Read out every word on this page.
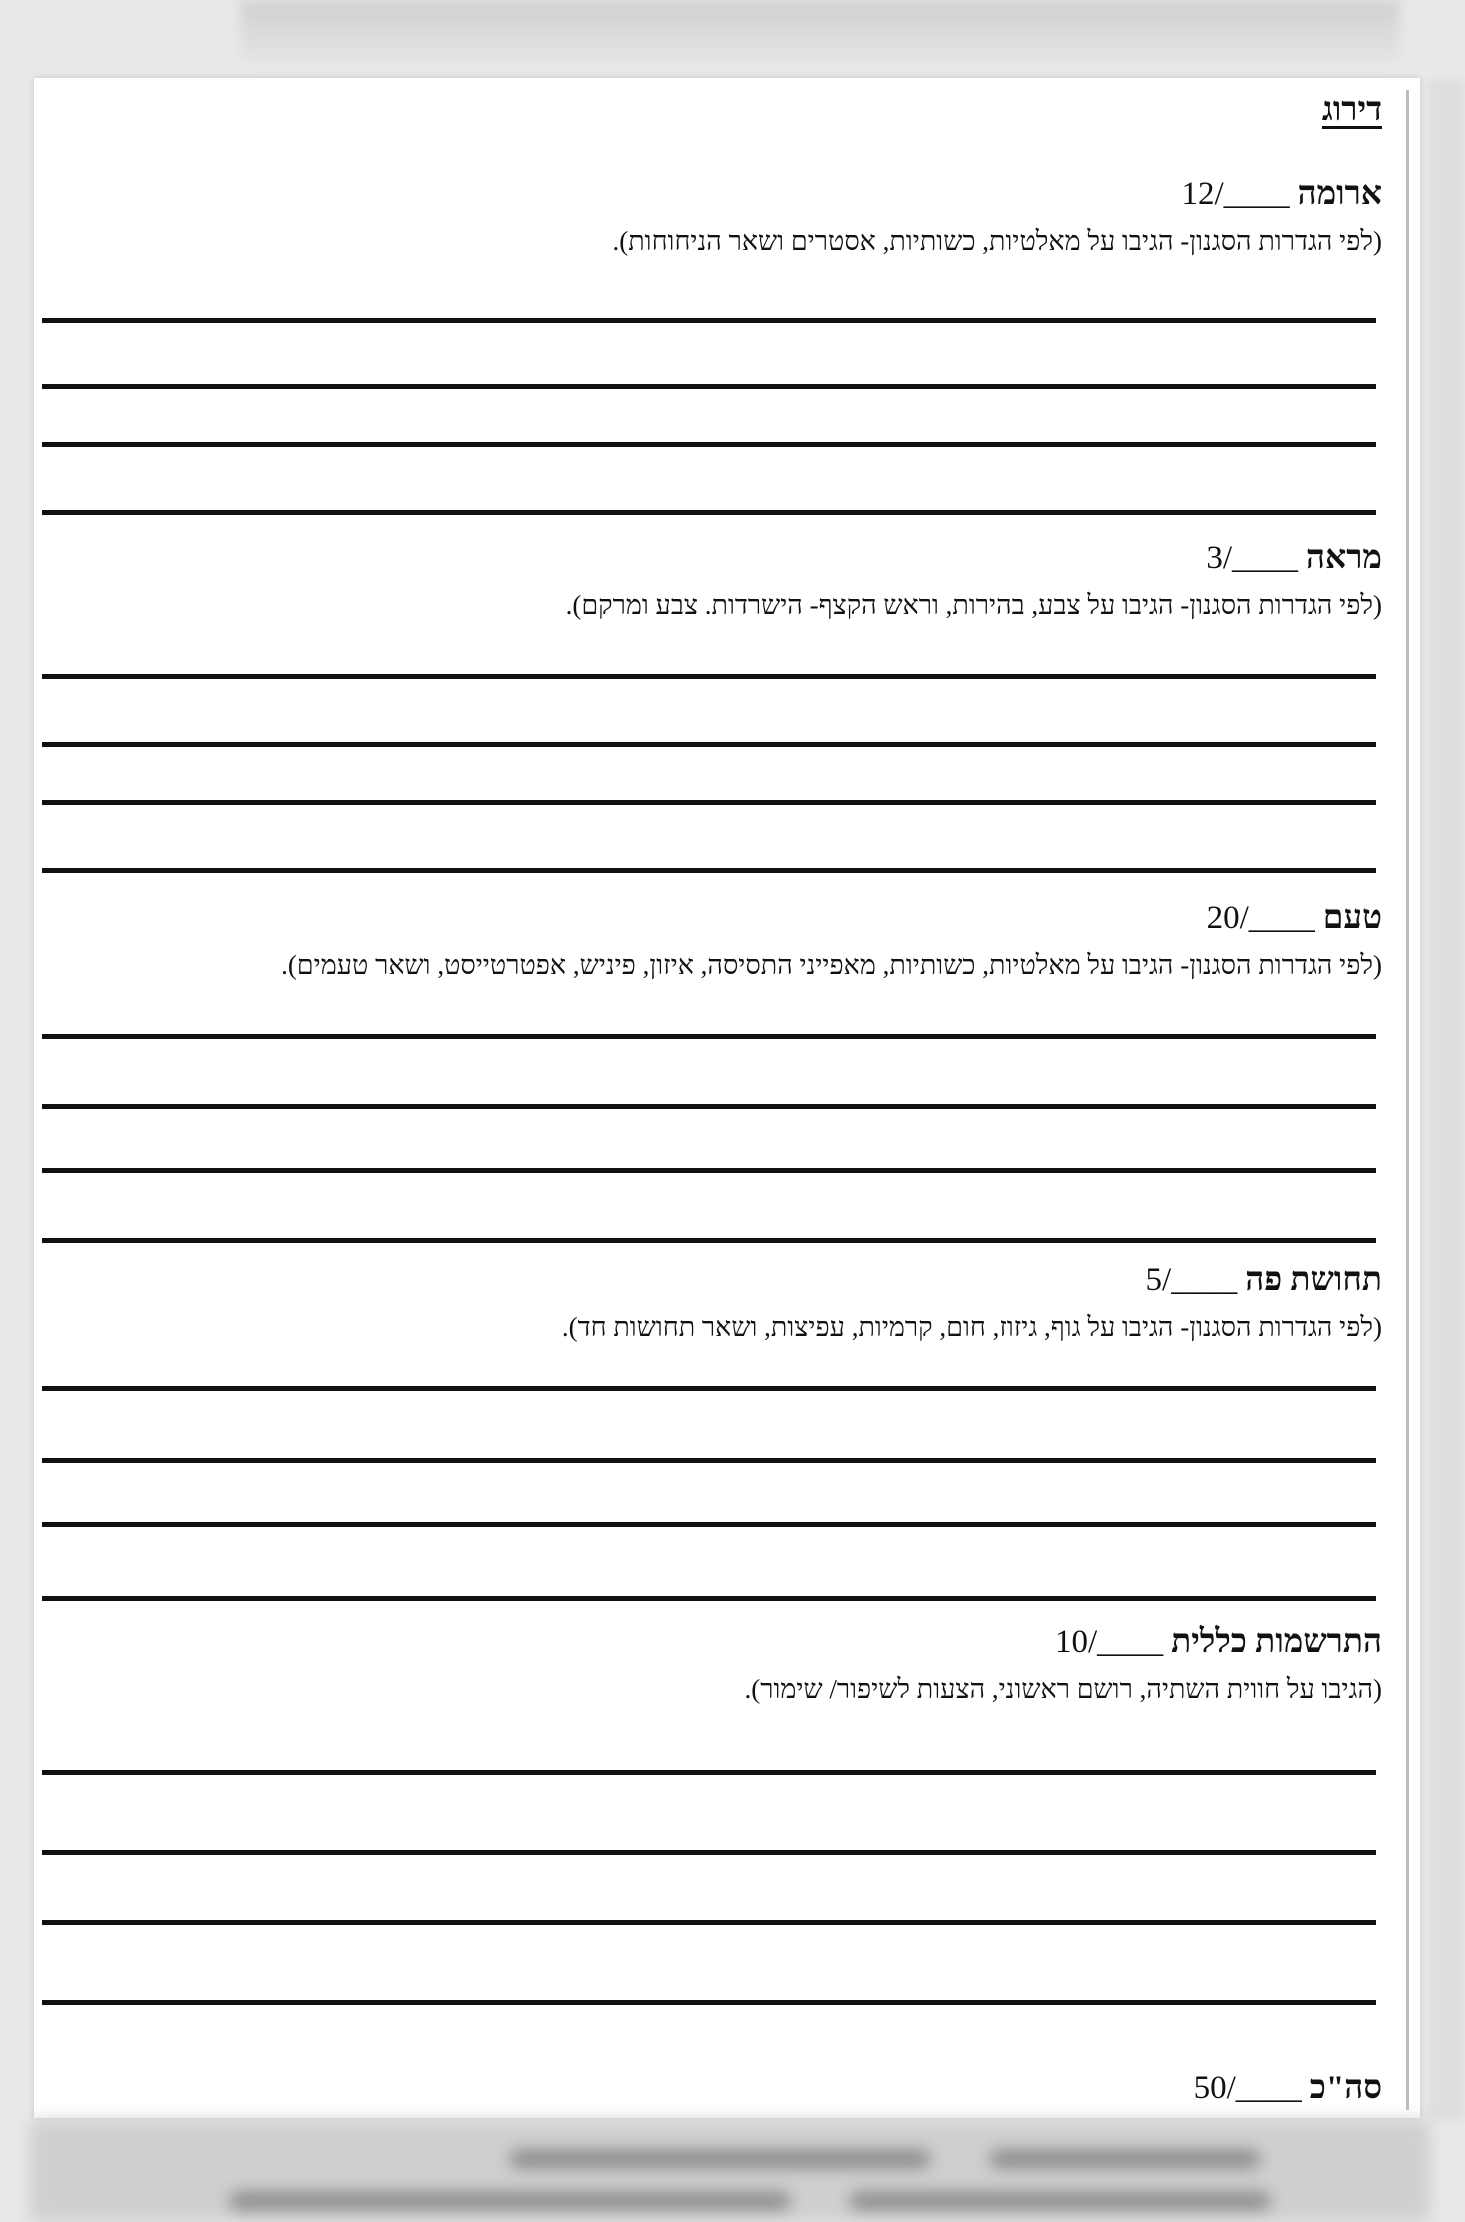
דירוג
ארומה12/____
(לפי הגדרות הסגנון- הגיבו על מאלטיות, כשותיות, אסטרים ושאר הניחוחות).
מראה3/____
(לפי הגדרות הסגנון- הגיבו על צבע, בהירות, וראש הקצף- הישרדות. צבע ומרקם).
טעם20/____
(לפי הגדרות הסגנון- הגיבו על מאלטיות, כשותיות, מאפייני התסיסה, איזון, פיניש, אפטרטייסט, ושאר טעמים).
תחושת פה5/____
(לפי הגדרות הסגנון- הגיבו על גוף, גיזוז, חום, קרמיות, עפיצות, ושאר תחושות חד).
התרשמות כללית10/____
(הגיבו על חווית השתיה, רושם ראשוני, הצעות לשיפור/ שימור).
סה"כ50/____
